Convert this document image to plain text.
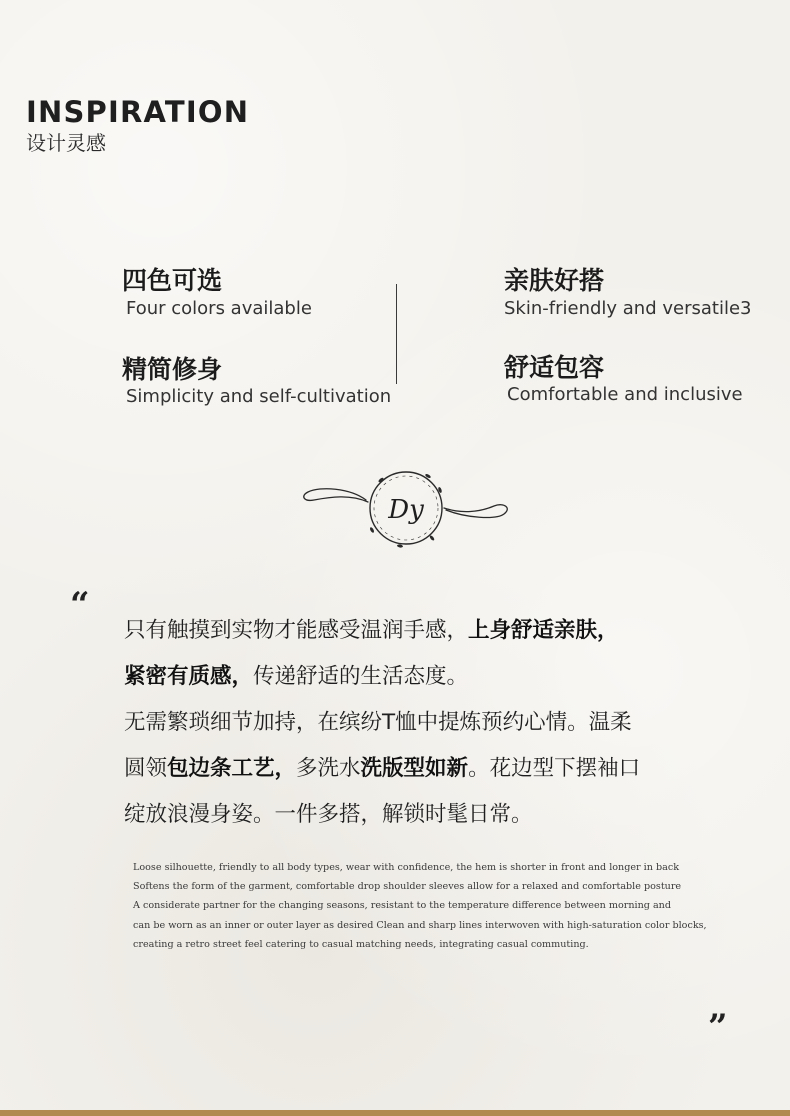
INSPIRATION
设计灵感
四色可选
Four colors available
亲肤好搭
Skin-friendly and versatile3
精简修身
Simplicity and self-cultivation
舒适包容
Comfortable and inclusive
Dy
“
只有触摸到实物才能感受温润手感，上身舒适亲肤，
紧密有质感，传递舒适的生活态度。
无需繁琐细节加持，在缤纷T恤中提炼预约心情。温柔
圆领包边条工艺，多洗水洗版型如新。花边型下摆袖口
绽放浪漫身姿。一件多搭，解锁时髦日常。
Loose silhouette, friendly to all body types, wear with confidence, the hem is shorter in front and longer in back
Softens the form of the garment, comfortable drop shoulder sleeves allow for a relaxed and comfortable posture
A considerate partner for the changing seasons, resistant to the temperature difference between morning and
can be worn as an inner or outer layer as desired Clean and sharp lines interwoven with high-saturation color blocks,
creating a retro street feel catering to casual matching needs, integrating casual commuting.
”
